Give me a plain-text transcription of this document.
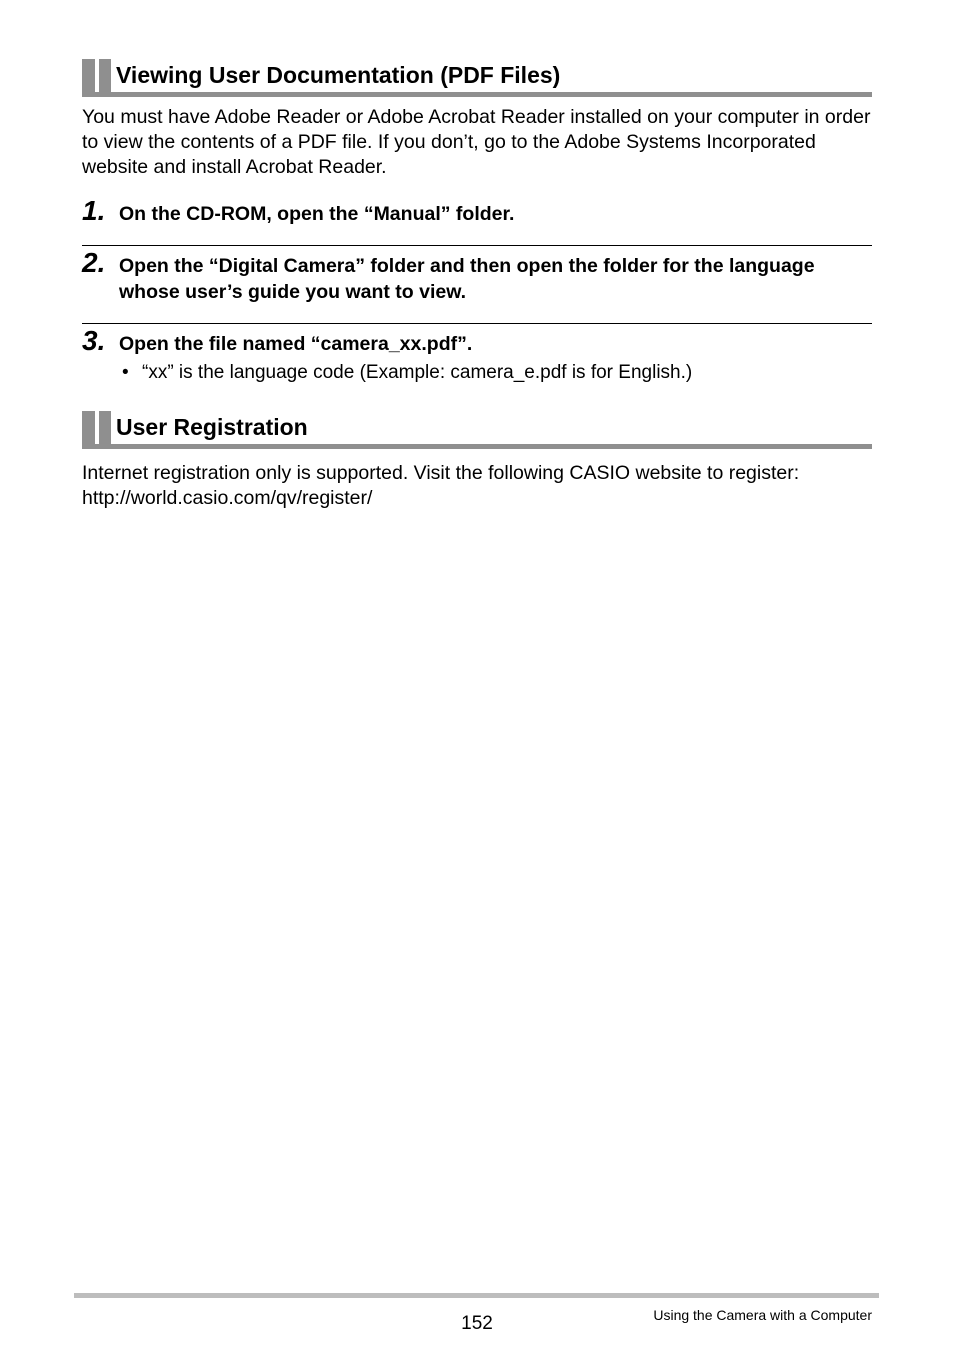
Viewing User Documentation (PDF Files)
You must have Adobe Reader or Adobe Acrobat Reader installed on your computer in order to view the contents of a PDF file. If you don’t, go to the Adobe Systems Incorporated website and install Acrobat Reader.
1. On the CD-ROM, open the “Manual” folder.
2. Open the “Digital Camera” folder and then open the folder for the language whose user’s guide you want to view.
3. Open the file named “camera_xx.pdf”.
• “xx” is the language code (Example: camera_e.pdf is for English.)
User Registration
Internet registration only is supported. Visit the following CASIO website to register: http://world.casio.com/qv/register/
152	Using the Camera with a Computer
